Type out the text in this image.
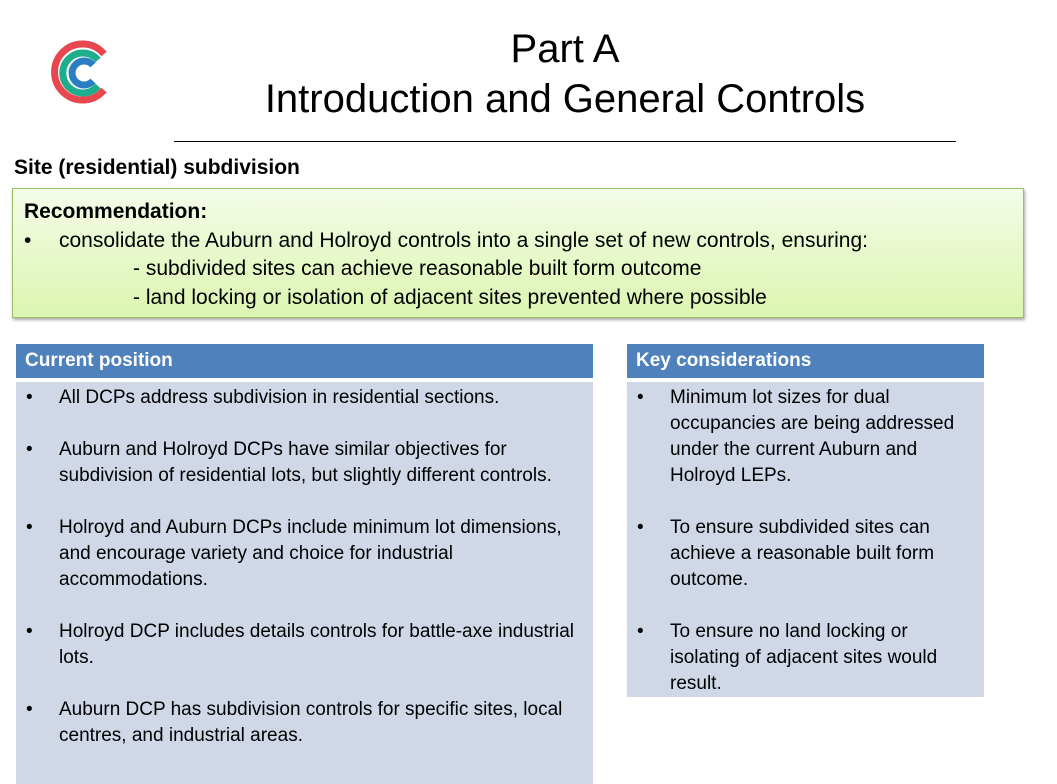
Part A
Introduction and General Controls
Site (residential) subdivision
Recommendation:
• consolidate the Auburn and Holroyd controls into a single set of new controls, ensuring:
- subdivided sites can achieve reasonable built form outcome
- land locking or isolation of adjacent sites prevented where possible
Current position
• All DCPs address subdivision in residential sections.
• Auburn and Holroyd DCPs have similar objectives for subdivision of residential lots, but slightly different controls.
• Holroyd and Auburn DCPs include minimum lot dimensions, and encourage variety and choice for industrial accommodations.
• Holroyd DCP includes details controls for battle-axe industrial lots.
• Auburn DCP has subdivision controls for specific sites, local centres, and industrial areas.
Key considerations
• Minimum lot sizes for dual occupancies are being addressed under the current Auburn and Holroyd LEPs.
• To ensure subdivided sites can achieve a reasonable built form outcome.
• To ensure no land locking or isolating of adjacent sites would result.
